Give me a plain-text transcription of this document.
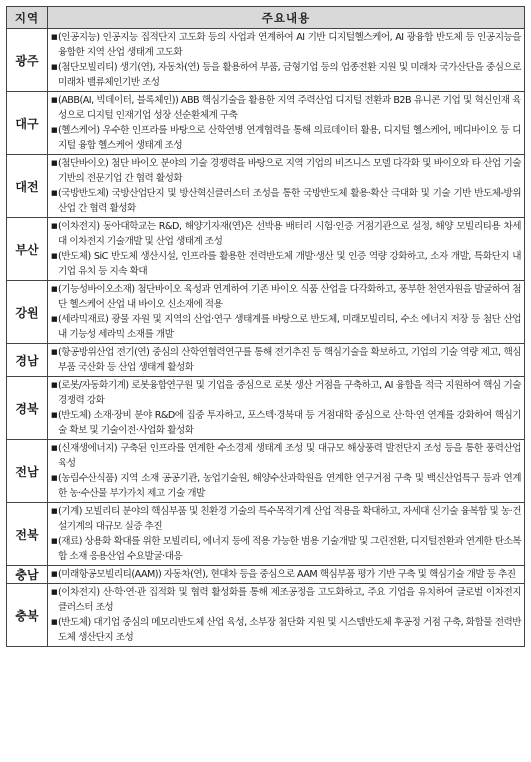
지역	주요내용
광주	■ (인공지능) 인공지능 집적단지 고도화 등의 사업과 연계하여 AI 기반 디지털헬스케어, AI 광융합 반도체 등 인공지능을 융합한 지역 산업 생태계 고도화
■ (첨단모빌리티) 생기(연), 자동차(연) 등을 활용하여 부품, 금형기업 등의 업종전환 지원 및 미래차 국가산단을 중심으로 미래차 밸류체인기반 조성

대구	■ (ABB(AI, 빅데이터, 블록체인)) ABB 핵심기술을 활용한 지역 주력산업 디지털 전환과 B2B 유니콘 기업 및 혁신인재 육성으로 디지털 인재기업 성장 선순환체계 구축
■ (헬스케어) 우수한 인프라를 바탕으로 산학연병 연계협력을 통해 의료데이터 활용, 디지털 헬스케어, 메디바이오 등 디지털 융합 헬스케어 생태계 조성

대전	■ (첨단바이오) 첨단 바이오 분야의 기술 경쟁력을 바탕으로 지역 기업의 비즈니스 모델 다각화 및 바이오와 타 산업 기술 기반의 전문기업 간 협력 활성화
■ (국방반도체) 국방산업단지 및 방산혁신클러스터 조성을 통한 국방반도체 활용·확산 극대화 및 기술 기반 반도체-방위산업 간 협력 활성화

부산	■ (이차전지) 동아대학교는 R&D, 해양기자재(연)은 선박용 배터리 시험·인증 거점기관으로 설정, 해양 모빌리티용 차세대 이차전지 기술개발 및 산업 생태계 조성
■ (반도체) SiC 반도체 생산시설, 인프라를 활용한 전력반도체 개발·생산 및 인증 역량 강화하고, 소자 개발, 특화단지 내 기업 유치 등 지속 확대

강원	■ (기능성바이오소재) 첨단바이오 육성과 연계하여 기존 바이오 식품 산업을 다각화하고, 풍부한 천연자원을 발굴하여 첨단 헬스케어 산업 내 바이오 신소재에 적용
■ (세라믹재료) 광물 자원 및 지역의 산업·연구 생태계를 바탕으로 반도체, 미래모빌리티, 수소 에너지 저장 등 첨단 산업 내 기능성 세라믹 소재를 개발

경남	■ (항공방위산업 전기(연) 중심의 산학연협력연구를 통해 전기추진 등 핵심기술을 확보하고, 기업의 기술 역량 제고, 핵심 부품 국산화 등 산업 생태계 활성화

경북	■ (로봇/자동화기계) 로봇융합연구원 및 기업을 중심으로 로봇 생산 거점을 구축하고, AI 융합을 적극 지원하여 핵심 기술 경쟁력 강화
■ (반도체) 소재·장비 분야 R&D에 집중 투자하고, 포스텍·경북대 등 거점대학 중심으로 산·학·연 연계를 강화하여 핵심기술 확보 및 기술이전·사업화 활성화

전남	■ (신재생에너지) 구축된 인프라를 연계한 수소경제 생태계 조성 및 대규모 해상풍력 발전단지 조성 등을 통한 풍력산업 육성
■ (농림수산식품) 지역 소재 공공기관, 농업기술원, 해양수산과학원을 연계한 연구거점 구축 및 백신산업특구 등과 연계한 농·수산물 부가가치 제고 기술 개발

전북	■ (기계) 모빌리티 분야의 핵심부품 및 친환경 기술의 특수목적기계 산업 적용을 확대하고, 자세대 신기술 융복합 및 농·건설기계의 대규모 실증 추진
■ (재료) 상용화 확대를 위한 모빌리티, 에너지 등에 적용 가능한 범용 기술개발 및 그린전환, 디지털전환과 연계한 탄소복합 소재 응용산업 수요발굴·대응

충남	■ (미래항공모빌리티(AAM)) 자동차(연), 현대차 등을 중심으로 AAM 핵심부품 평가 기반 구축 및 핵심기술 개발 등 추진

충북	■ (이차전지) 산·학·연·관 집적화 및 협력 활성화를 통해 제조공정을 고도화하고, 주요 기업을 유치하여 글로벌 이차전지 클러스터 조성
■ (반도체) 대기업 중심의 메모리반도체 산업 육성, 소부장 첨단화 지원 및 시스템반도체 후공정 거점 구축, 화합물 전력반도체 생산단지 조성
